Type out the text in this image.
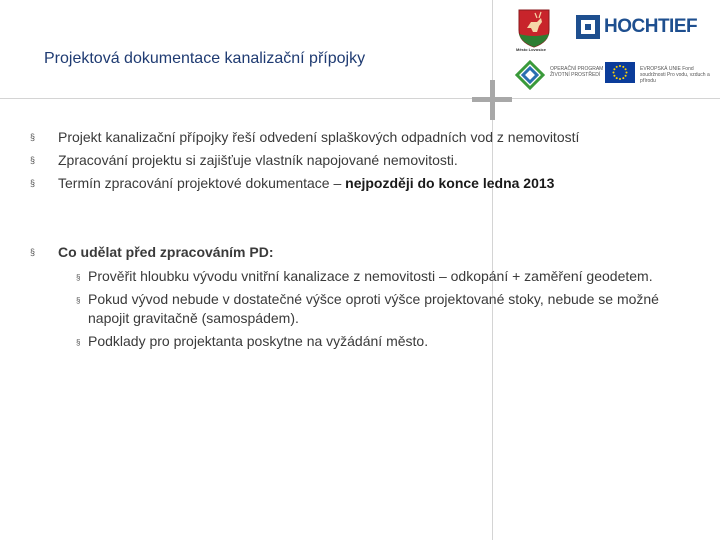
Projektová dokumentace kanalizační přípojky
Město Lovosice
HOCHTIEF
OPERAČNÍ PROGRAM ŽIVOTNÍ PROSTŘEDÍ
EVROPSKÁ UNIE Fond soudržnosti Pro vodu, vzduch a přírodu
§ Projekt kanalizační přípojky řeší odvedení splaškových odpadních vod z nemovitostí
§ Zpracování projektu si zajišťuje vlastník napojované nemovitosti.
§ Termín zpracování projektové dokumentace – nejpozději do konce ledna 2013
§ Co udělat před zpracováním PD:
§ Prověřit hloubku vývodu vnitřní kanalizace z nemovitosti – odkopání + zaměření geodetem.
§ Pokud vývod nebude v dostatečné výšce oproti výšce projektované stoky, nebude se možné napojit gravitačně (samospádem).
§ Podklady pro projektanta poskytne na vyžádání město.
